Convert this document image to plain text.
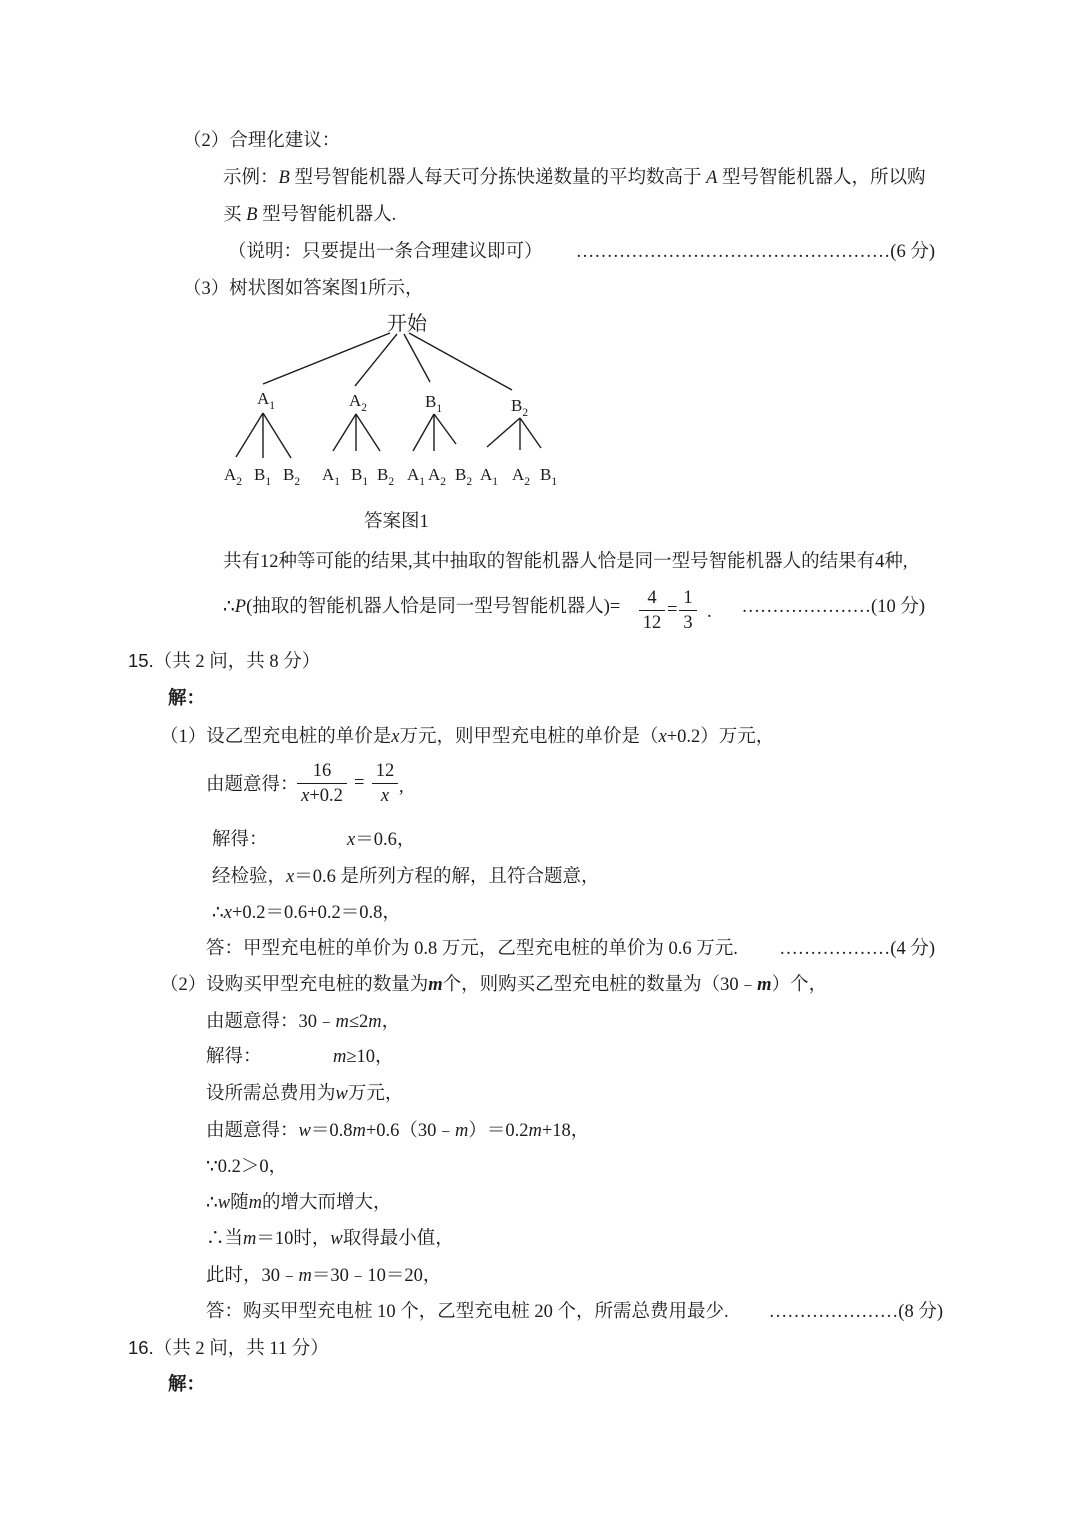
（2）合理化建议：
示例：B 型号智能机器人每天可分拣快递数量的平均数高于 A 型号智能机器人，所以购
买 B 型号智能机器人.
（说明：只要提出一条合理建议即可） ……………………………………………(6 分)
（3）树状图如答案图1所示，
开始
$A_1$	$A_2$	$B_1$	$B_2$
$A_2$ $B_1$ $B_2$ $A_1$ $B_1$ $B_2$ $A_1$ $A_2$ $B_2$ $A_1$ $A_2$ $B_1$
答案图1
共有12种等可能的结果,其中抽取的智能机器人恰是同一型号智能机器人的结果有4种,
∴P(抽取的智能机器人恰是同一型号智能机器人)=	4
12
=
1
3
. …………………(10 分)
15.（共 2 问，共 8 分）
解：
（1）设乙型充电桩的单价是x万元，则甲型充电桩的单价是（x+0.2）万元，
由题意得：
16
x+0.2
=
12
x ,
解得：	x＝0.6，
经检验，x＝0.6 是所列方程的解，且符合题意，
∴x+0.2＝0.6+0.2＝0.8，
答：甲型充电桩的单价为 0.8 万元，乙型充电桩的单价为 0.6 万元. ………………(4 分)
（2）设购买甲型充电桩的数量为m个，则购买乙型充电桩的数量为（30﹣m）个，
由题意得：30﹣m≤2m，
解得：	m≥10，
设所需总费用为w万元，
由题意得：w＝0.8m+0.6（30﹣m）＝0.2m+18，
∵0.2＞0，
∴w随m的增大而增大，
∴当m＝10时，w取得最小值，
此时，30﹣m＝30﹣10＝20，
答：购买甲型充电桩 10 个，乙型充电桩 20 个，所需总费用最少. …………………(8 分)
16.（共 2 问，共 11 分）
解：
